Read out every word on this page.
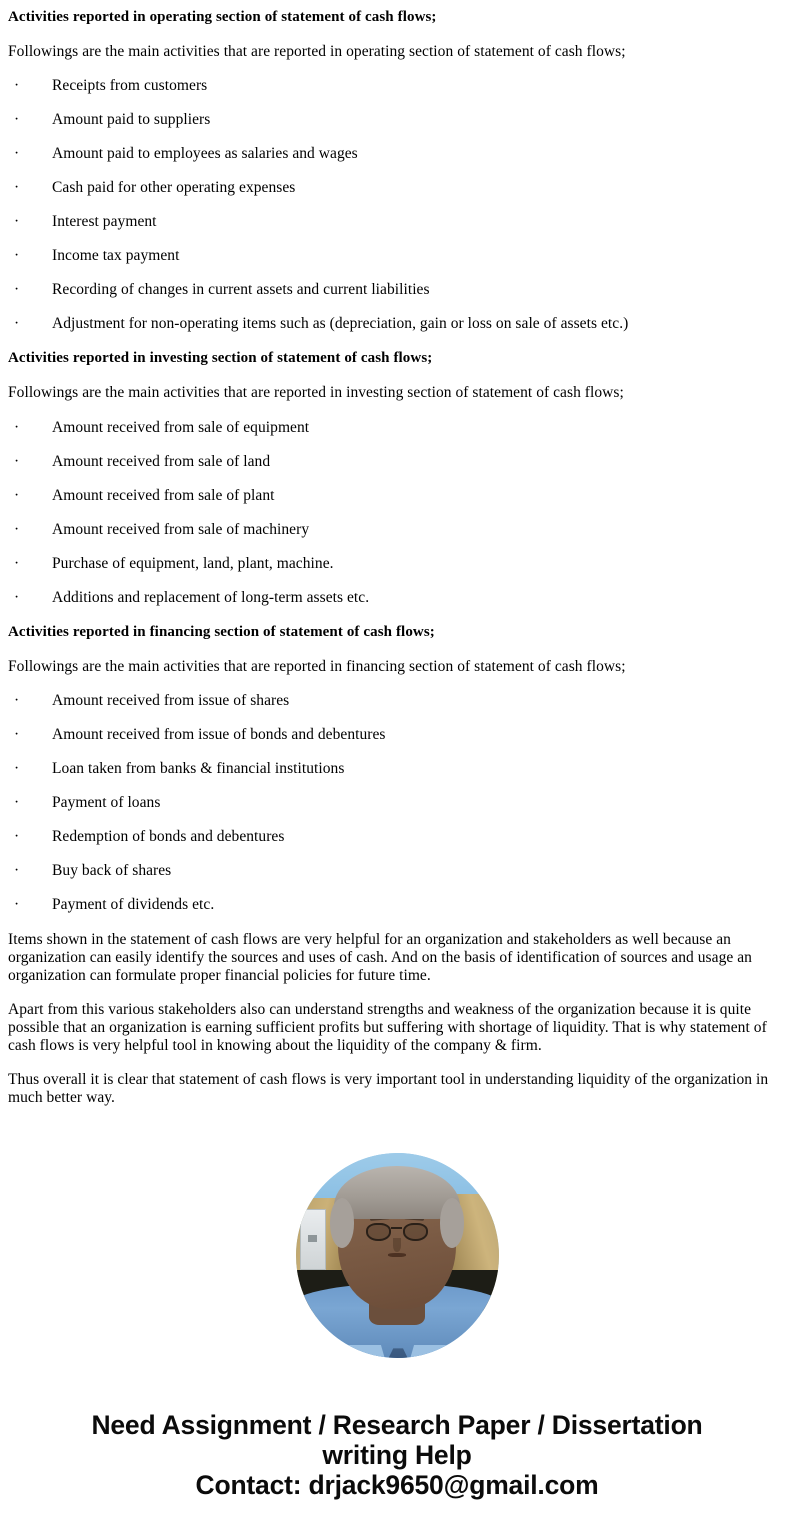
Activities reported in operating section of statement of cash flows;

Followings are the main activities that are reported in operating section of statement of cash flows;

· Receipts from customers
· Amount paid to suppliers
· Amount paid to employees as salaries and wages
· Cash paid for other operating expenses
· Interest payment
· Income tax payment
· Recording of changes in current assets and current liabilities
· Adjustment for non-operating items such as (depreciation, gain or loss on sale of assets etc.)
Activities reported in investing section of statement of cash flows;

Followings are the main activities that are reported in investing section of statement of cash flows;

· Amount received from sale of equipment
· Amount received from sale of land
· Amount received from sale of plant
· Amount received from sale of machinery
· Purchase of equipment, land, plant, machine.
· Additions and replacement of long-term assets etc.
Activities reported in financing section of statement of cash flows;

Followings are the main activities that are reported in financing section of statement of cash flows;

· Amount received from issue of shares
· Amount received from issue of bonds and debentures
· Loan taken from banks & financial institutions
· Payment of loans
· Redemption of bonds and debentures
· Buy back of shares
· Payment of dividends etc.

Items shown in the statement of cash flows are very helpful for an organization and stakeholders as well because an organization can easily identify the sources and uses of cash. And on the basis of identification of sources and usage an organization can formulate proper financial policies for future time.

Apart from this various stakeholders also can understand strengths and weakness of the organization because it is quite possible that an organization is earning sufficient profits but suffering with shortage of liquidity. That is why statement of cash flows is very helpful tool in knowing about the liquidity of the company & firm.

Thus overall it is clear that statement of cash flows is very important tool in understanding liquidity of the organization in much better way.

Need Assignment / Research Paper / Dissertation
writing Help
Contact: drjack9650@gmail.com
